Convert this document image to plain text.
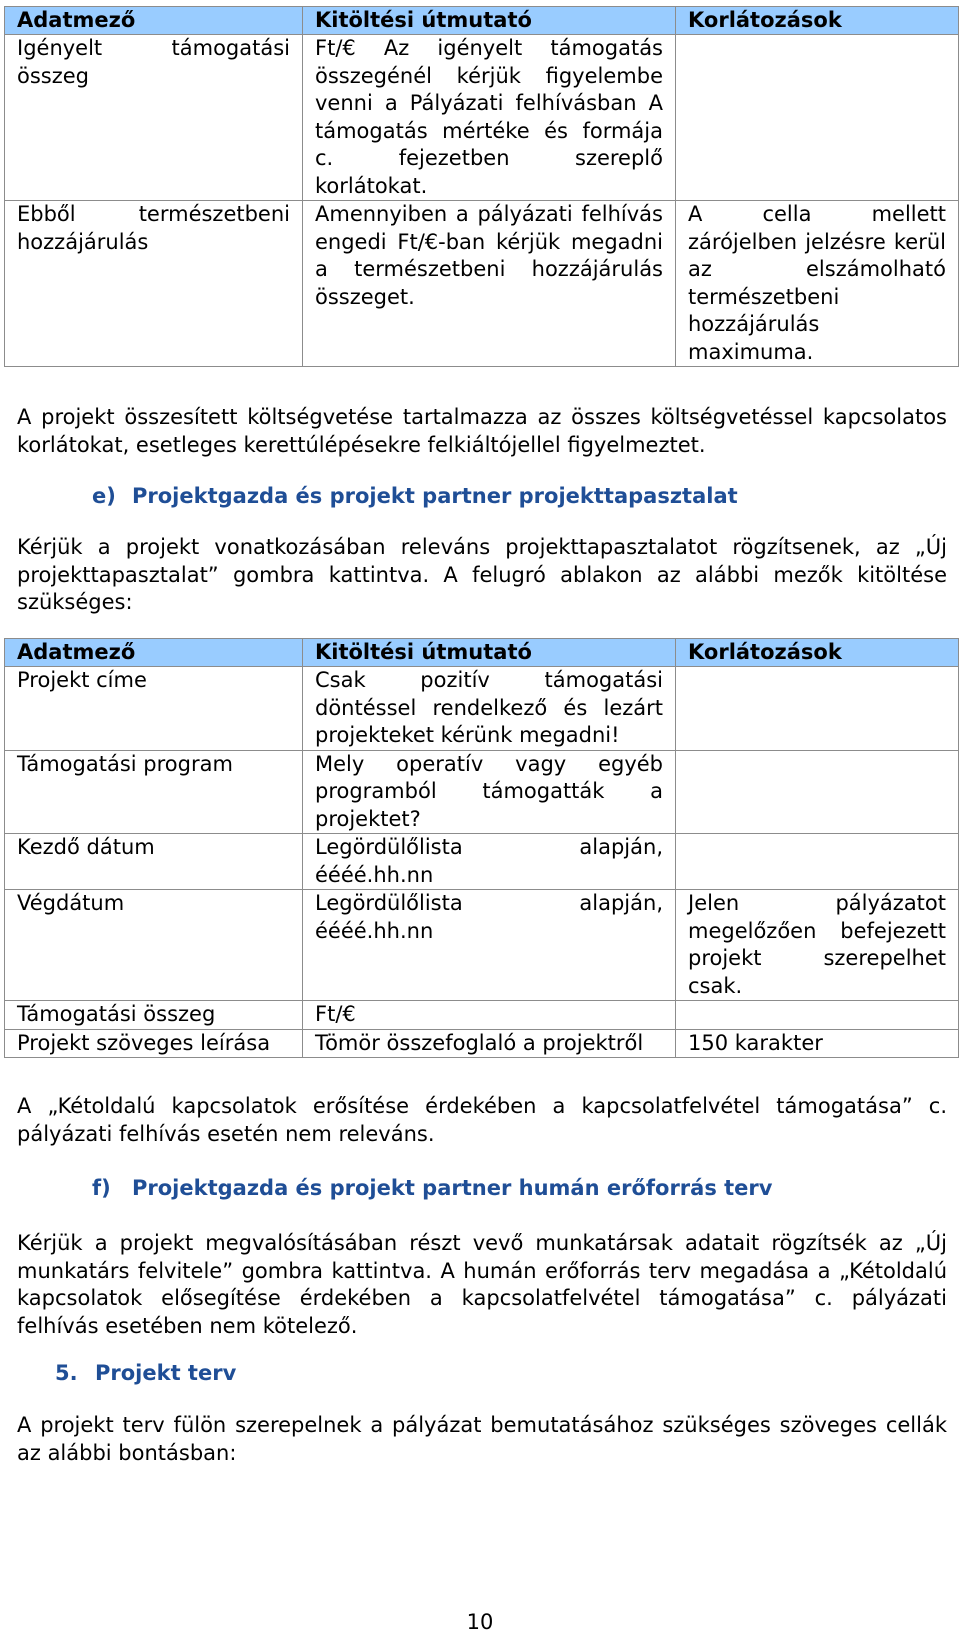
Adatmező	Kitöltési útmutató	Korlátozások
Igényelt támogatási összeg	Ft/€ Az igényelt támogatás összegénél kérjük figyelembe venni a Pályázati felhívásban A támogatás mértéke és formája c. fejezetben szereplő korlátokat.	
Ebből természetbeni hozzájárulás	Amennyiben a pályázati felhívás engedi Ft/€-ban kérjük megadni a természetbeni hozzájárulás összeget.	A cella mellett zárójelben jelzésre kerül az elszámolható természetbeni hozzájárulás maximuma.
A projekt összesített költségvetése tartalmazza az összes költségvetéssel kapcsolatos korlátokat, esetleges kerettúlépésekre felkiáltójellel figyelmeztet.
e) Projektgazda és projekt partner projekttapasztalat
Kérjük a projekt vonatkozásában releváns projekttapasztalatot rögzítsenek, az „Új projekttapasztalat” gombra kattintva. A felugró ablakon az alábbi mezők kitöltése szükséges:
Adatmező	Kitöltési útmutató	Korlátozások
Projekt címe	Csak pozitív támogatási döntéssel rendelkező és lezárt projekteket kérünk megadni!	
Támogatási program	Mely operatív vagy egyéb programból támogatták a projektet?	
Kezdő dátum	Legördülőlista alapján, éééé.hh.nn	
Végdátum	Legördülőlista alapján, éééé.hh.nn	Jelen pályázatot megelőzően befejezett projekt szerepelhet csak.
Támogatási összeg	Ft/€	
Projekt szöveges leírása	Tömör összefoglaló a projektről	150 karakter
A „Kétoldalú kapcsolatok erősítése érdekében a kapcsolatfelvétel támogatása” c. pályázati felhívás esetén nem releváns.
f) Projektgazda és projekt partner humán erőforrás terv
Kérjük a projekt megvalósításában részt vevő munkatársak adatait rögzítsék az „Új munkatárs felvitele” gombra kattintva. A humán erőforrás terv megadása a „Kétoldalú kapcsolatok elősegítése érdekében a kapcsolatfelvétel támogatása” c. pályázati felhívás esetében nem kötelező.
5. Projekt terv
A projekt terv fülön szerepelnek a pályázat bemutatásához szükséges szöveges cellák az alábbi bontásban:
10
